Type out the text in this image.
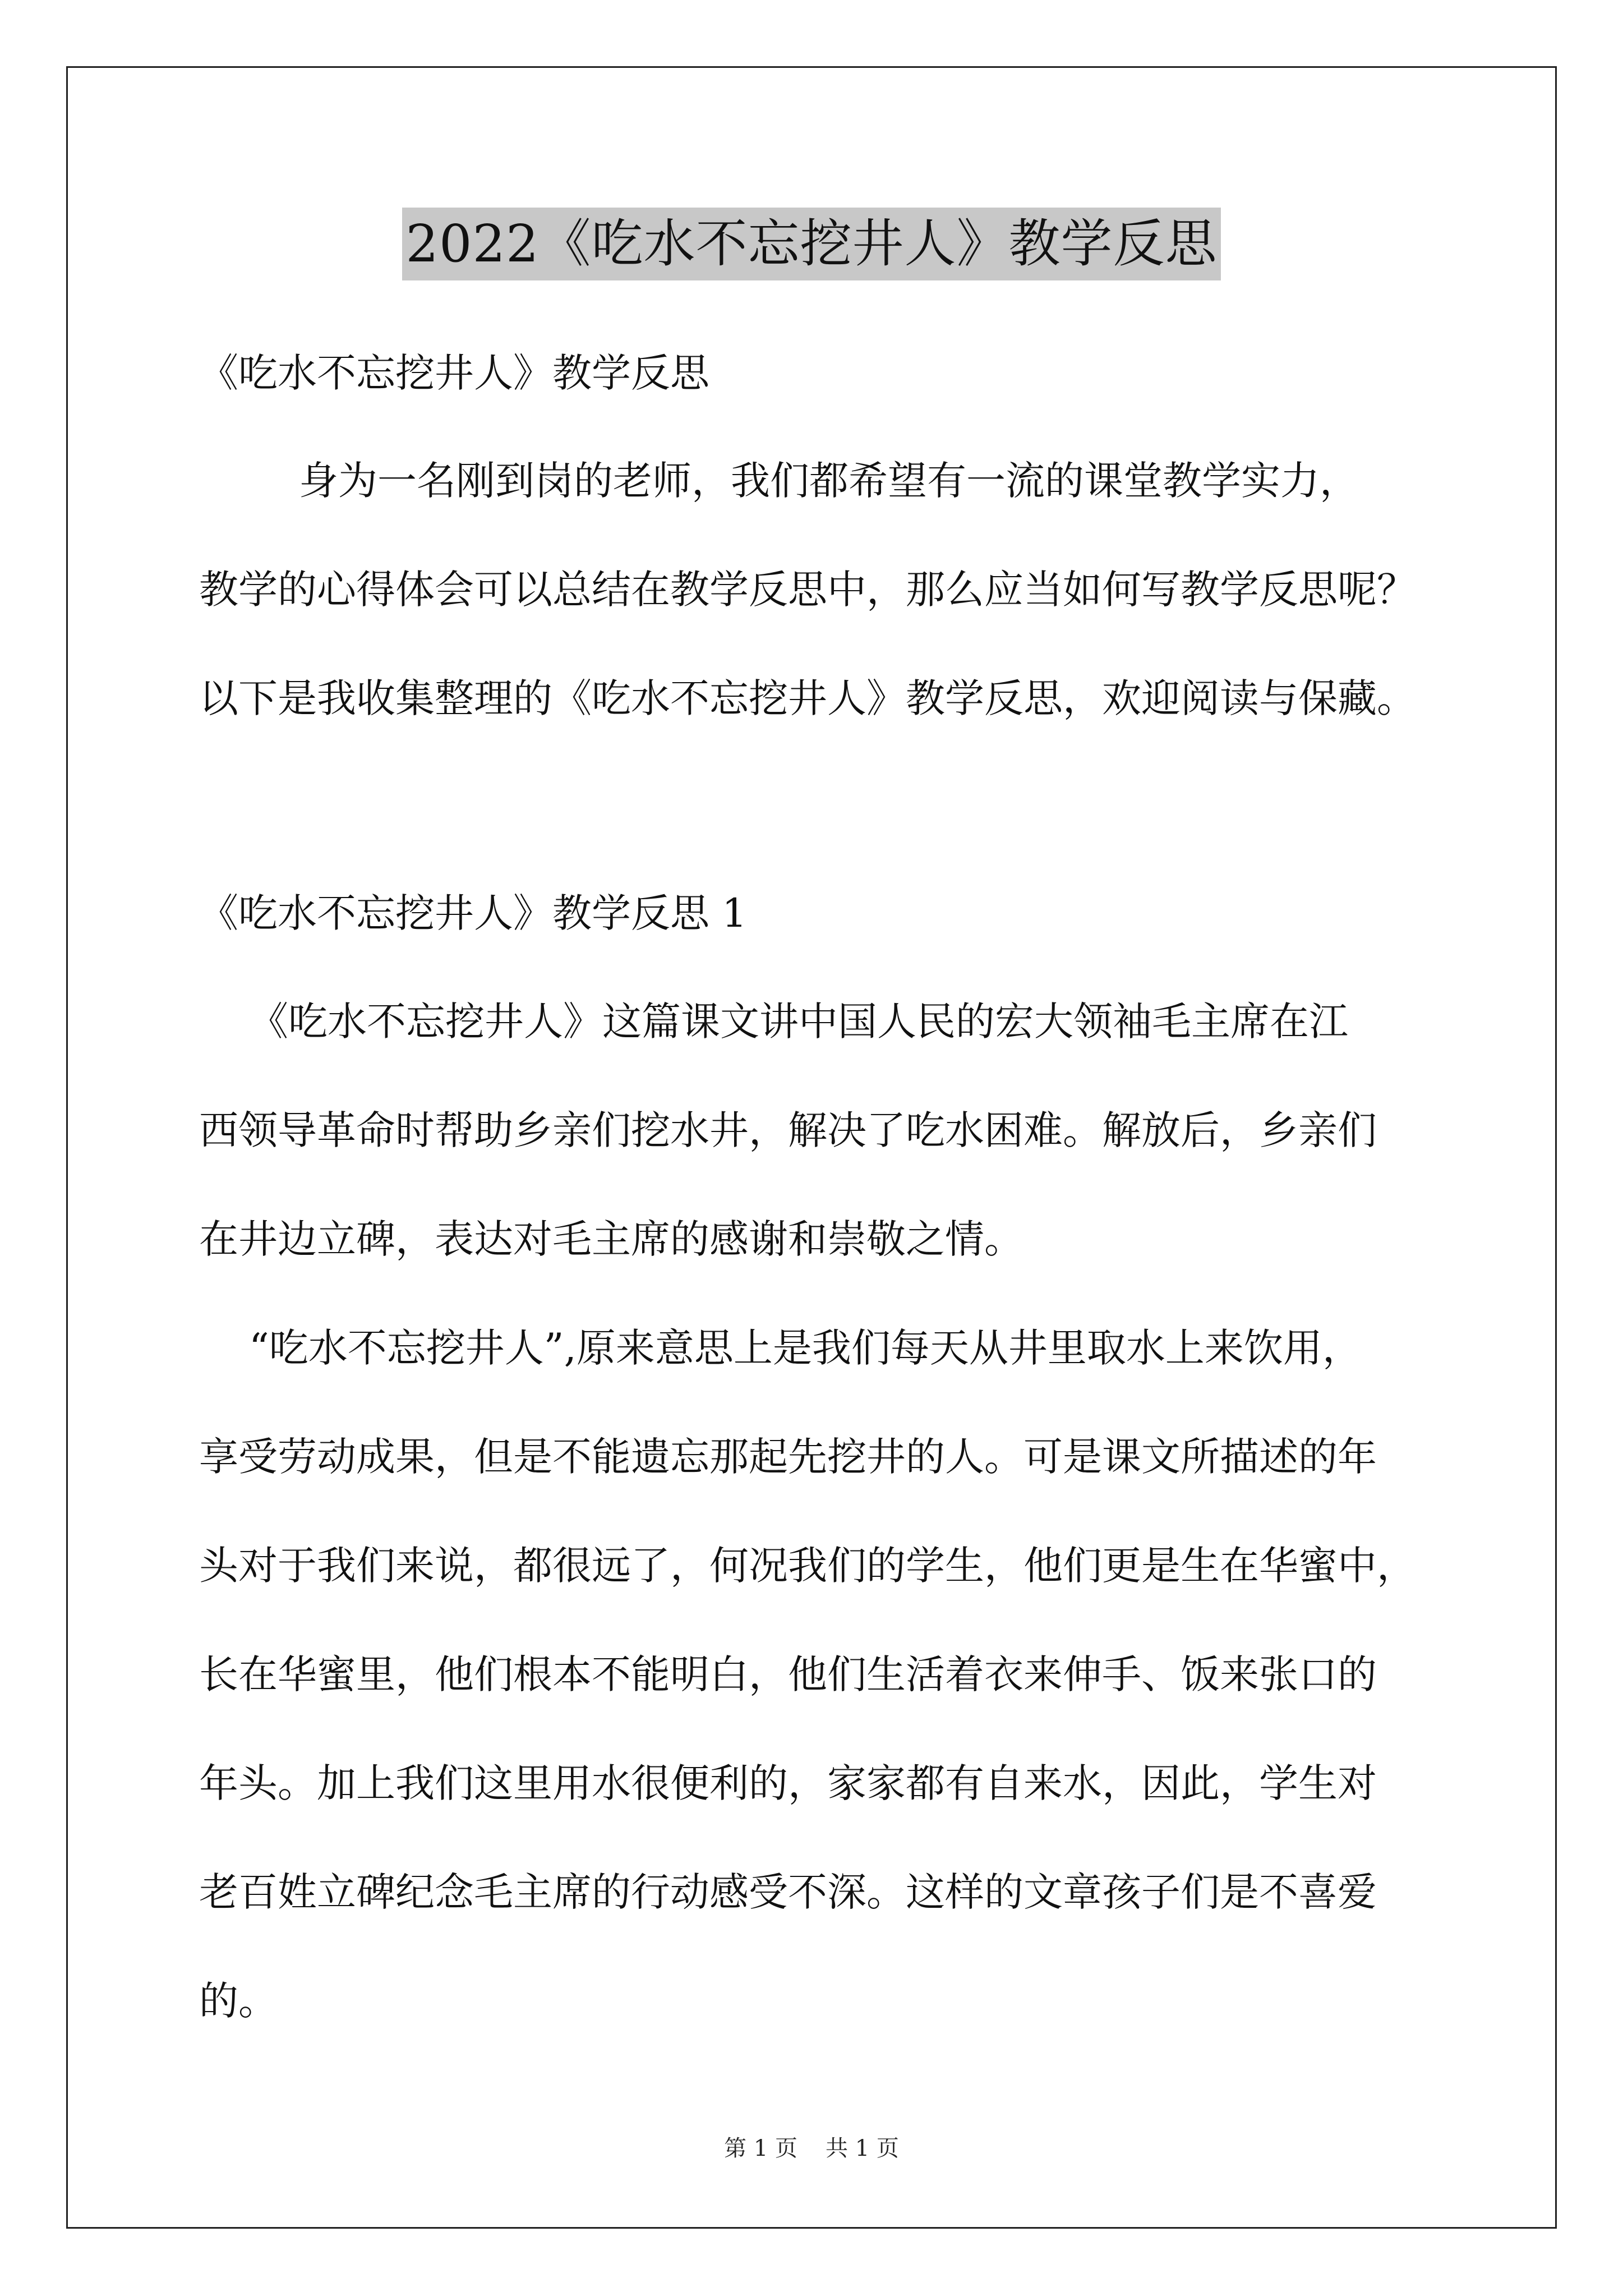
2022《吃水不忘挖井人》教学反思

《吃水不忘挖井人》教学反思

身为一名刚到岗的老师，我们都希望有一流的课堂教学实力，

教学的心得体会可以总结在教学反思中，那么应当如何写教学反思呢？

以下是我收集整理的《吃水不忘挖井人》教学反思，欢迎阅读与保藏。

《吃水不忘挖井人》教学反思 1

《吃水不忘挖井人》这篇课文讲中国人民的宏大领袖毛主席在江

西领导革命时帮助乡亲们挖水井，解决了吃水困难。解放后，乡亲们

在井边立碑，表达对毛主席的感谢和崇敬之情。

“吃水不忘挖井人”,原来意思上是我们每天从井里取水上来饮用，

享受劳动成果，但是不能遗忘那起先挖井的人。可是课文所描述的年

头对于我们来说，都很远了，何况我们的学生，他们更是生在华蜜中，

长在华蜜里，他们根本不能明白，他们生活着衣来伸手、饭来张口的

年头。加上我们这里用水很便利的，家家都有自来水，因此，学生对

老百姓立碑纪念毛主席的行动感受不深。这样的文章孩子们是不喜爱

的。

第 1 页 共 1 页
